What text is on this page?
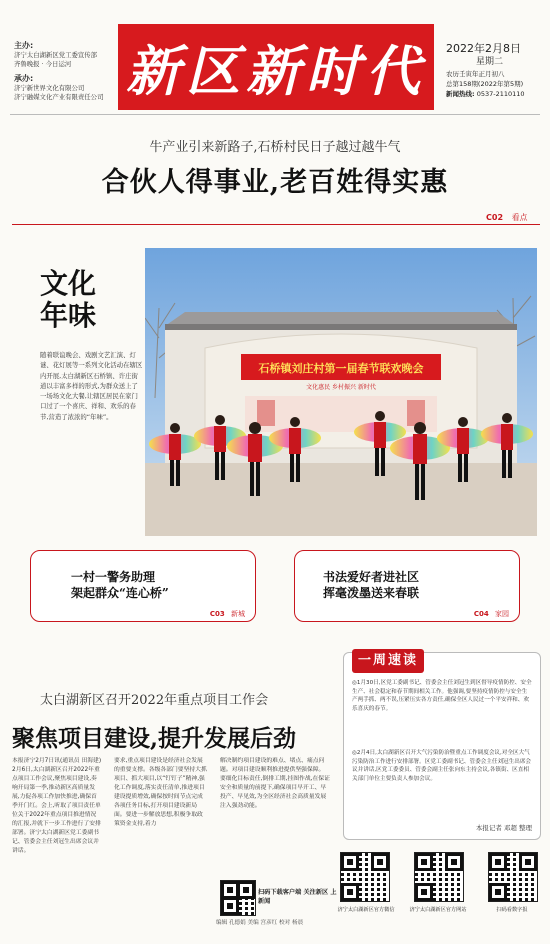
主办:
济宁太白湖新区党工委宣传部
齐鲁晚报 · 今日运河
承办:
济宁新世界文化有限公司
济宁融媒文化产业有限责任公司 新区新时代	2022年2月8日
星期二
农历壬寅年正月初八
总第158期(2022年第5期)
新闻热线: 0537-2110110
牛产业引来新路子,石桥村民日子越过越牛气
合伙人得事业,老百姓得实惠
C02 看点
文化
年味
随着联谊晚会、戏剧文艺汇演、灯谜、花灯展等一系列文化活动在辖区内开展,太白湖新区石桥镇、许庄街道以丰富多样的形式,为群众送上了一场场文化大餐,让辖区居民在家门口过了一个喜庆、祥和、欢乐的春节,营造了浓浓的“年味”。
石桥镇刘庄村第一届春节联欢晚会
文化惠民 乡村振兴 新时代
一村一警务助理
架起群众“连心桥”
C03 新城
书法爱好者进社区
挥毫泼墨送来春联
C04 家园
一周速读
◎1月30日,区党工委副书记、管委会主任刘冠生到区督导疫情防控、安全生产、社会稳定和春节期间相关工作。他强调,要坚持疫情防控与安全生产两手抓、两不误,压紧压实各方责任,确保全区人民过一个平安祥和、欢乐喜庆的春节。
◎2月4日,太白湖新区召开大气污染防治暨重点工作调度会议,对全区大气污染防治工作进行安排部署。区党工委副书记、管委会主任刘冠生出席会议并讲话,区党工委委员、管委会副主任张向东主持会议,各镇街、区直相关部门单位主要负责人参加会议。
本报记者 邓超 整理
太白湖新区召开2022年重点项目工作会
聚焦项目建设,提升发展后劲
本报济宁2月7日讯(通讯员 田海建) 2月6日,太白湖新区召开2022年重点项目工作会议,聚焦项目建设,奏响开局第一季,推动新区高质量发展,力促各项工作加快推进,确保首季开门红。会上,听取了项目责任单位关于2022年重点项目推进情况的汇报,并就下一步工作进行了安排部署。济宁太白湖新区党工委副书记、管委会主任刘冠生出席会议并讲话。
要求,重点项目建设是经济社会发展的重要支撑。各级各部门要坚持大抓项目、抓大项目,以“钉钉子”精神,强化工作调度,落实责任清单,推进项目建设提质增效,确保按时间节点完成各项任务目标,打开项目建设新局面。要进一步解放思想,积极争取政策资金支持,着力
解决制约项目建设的难点、堵点、痛点问题。对项目建设顺利推进提供坚强保障。要细化目标责任,倒排工期,挂图作战,在保证安全和质量的前提下,确保项目早开工、早投产、早见效,为全区经济社会高质量发展注入强劲动能。
扫码下载客户端 关注新区 上新闻
编辑 孔德娟 美编 宫彦红 校对 杨晨
济宁太白湖新区官方微信	济宁太白湖新区官方网站	扫码看数字报
